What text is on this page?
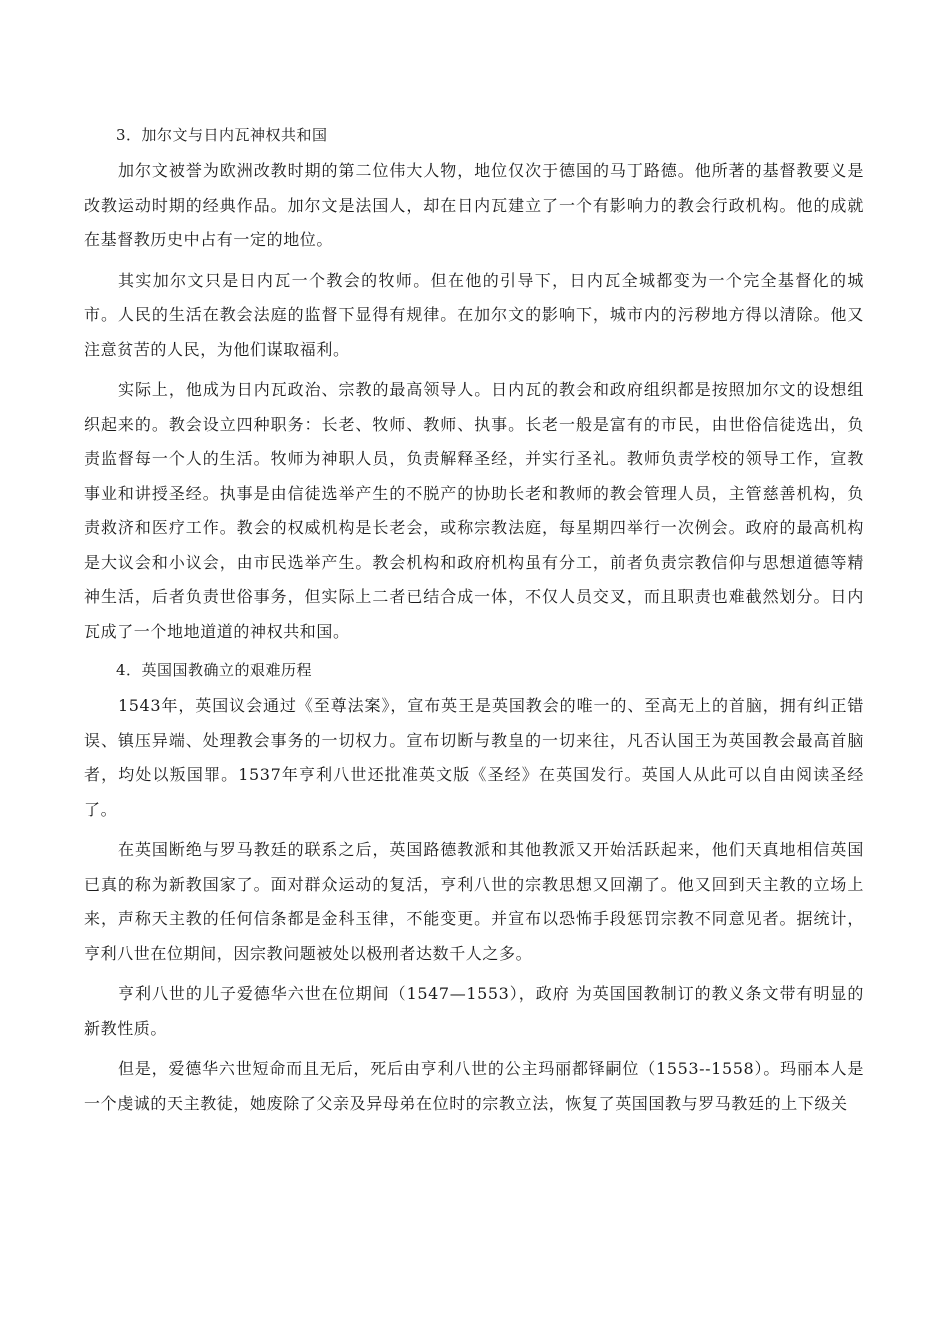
3．加尔文与日内瓦神权共和国

加尔文被誉为欧洲改教时期的第二位伟大人物，地位仅次于德国的马丁路德。他所著的基督教要义是改教运动时期的经典作品。加尔文是法国人，却在日内瓦建立了一个有影响力的教会行政机构。他的成就在基督教历史中占有一定的地位。

其实加尔文只是日内瓦一个教会的牧师。但在他的引导下，日内瓦全城都变为一个完全基督化的城市。人民的生活在教会法庭的监督下显得有规律。在加尔文的影响下，城市内的污秽地方得以清除。他又注意贫苦的人民，为他们谋取福利。

实际上，他成为日内瓦政治、宗教的最高领导人。日内瓦的教会和政府组织都是按照加尔文的设想组织起来的。教会设立四种职务：长老、牧师、教师、执事。长老一般是富有的市民，由世俗信徒选出，负责监督每一个人的生活。牧师为神职人员，负责解释圣经，并实行圣礼。教师负责学校的领导工作，宣教事业和讲授圣经。执事是由信徒选举产生的不脱产的协助长老和教师的教会管理人员，主管慈善机构，负责救济和医疗工作。教会的权威机构是长老会，或称宗教法庭，每星期四举行一次例会。政府的最高机构是大议会和小议会，由市民选举产生。教会机构和政府机构虽有分工，前者负责宗教信仰与思想道德等精神生活，后者负责世俗事务，但实际上二者已结合成一体，不仅人员交叉，而且职责也难截然划分。日内瓦成了一个地地道道的神权共和国。

4．英国国教确立的艰难历程

1543年，英国议会通过《至尊法案》，宣布英王是英国教会的唯一的、至高无上的首脑，拥有纠正错误、镇压异端、处理教会事务的一切权力。宣布切断与教皇的一切来往，凡否认国王为英国教会最高首脑者，均处以叛国罪。1537年亨利八世还批准英文版《圣经》在英国发行。英国人从此可以自由阅读圣经了。

在英国断绝与罗马教廷的联系之后，英国路德教派和其他教派又开始活跃起来，他们天真地相信英国已真的称为新教国家了。面对群众运动的复活，亨利八世的宗教思想又回潮了。他又回到天主教的立场上来，声称天主教的任何信条都是金科玉律，不能变更。并宣布以恐怖手段惩罚宗教不同意见者。据统计，亨利八世在位期间，因宗教问题被处以极刑者达数千人之多。

亨利八世的儿子爱德华六世在位期间（1547—1553），政府 为英国国教制订的教义条文带有明显的新教性质。

但是，爱德华六世短命而且无后，死后由亨利八世的公主玛丽都铎嗣位（1553--1558）。玛丽本人是一个虔诚的天主教徒，她废除了父亲及异母弟在位时的宗教立法，恢复了英国国教与罗马教廷的上下级关
